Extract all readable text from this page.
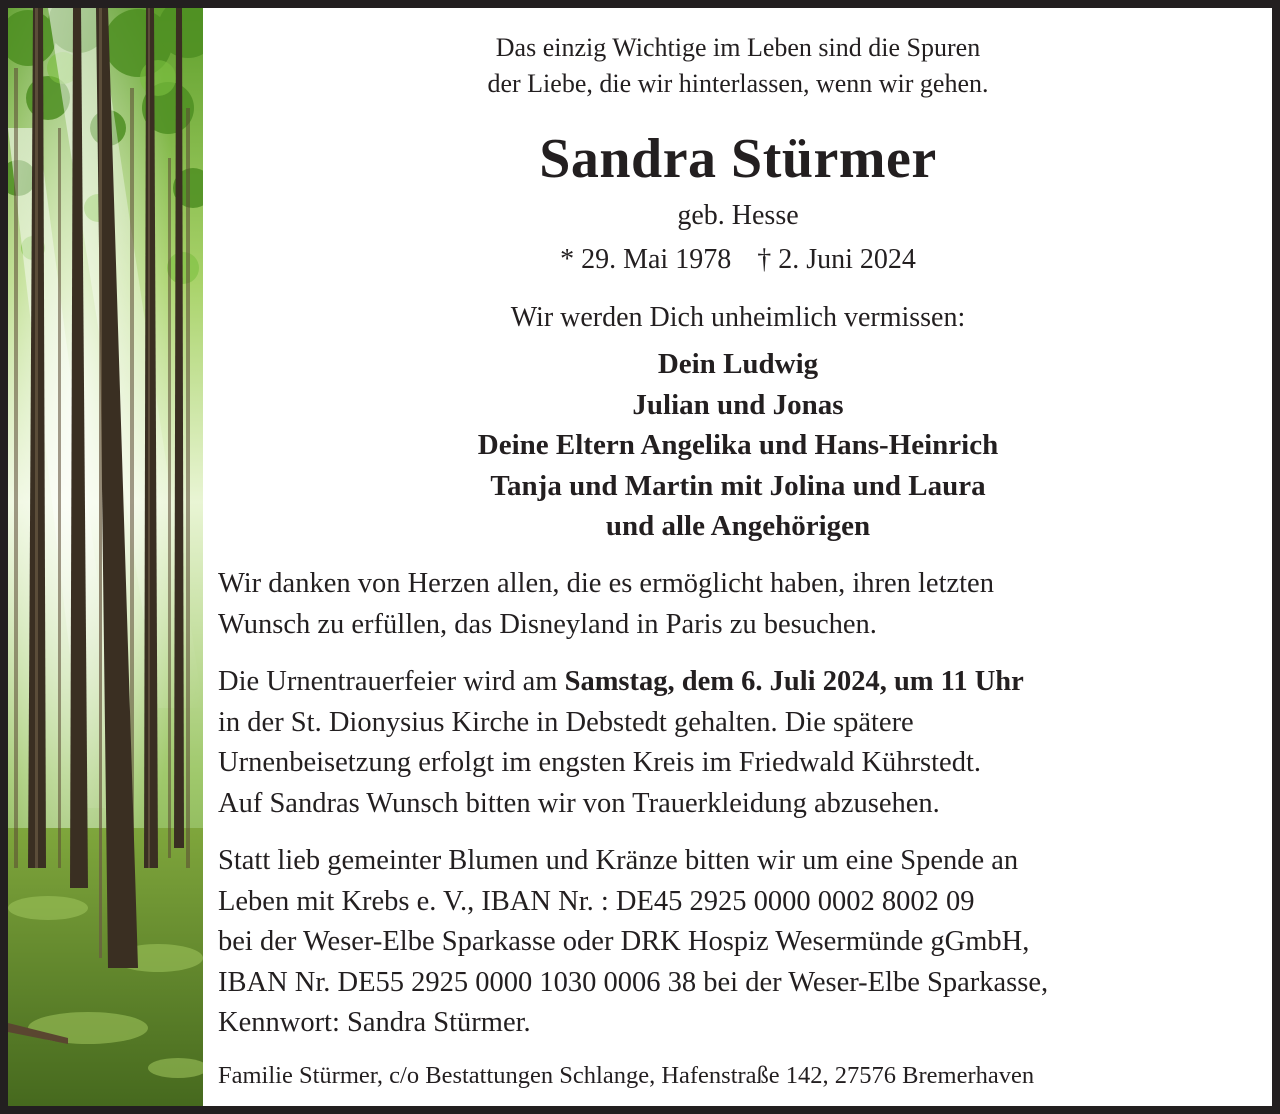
Das einzig Wichtige im Leben sind die Spuren
der Liebe, die wir hinterlassen, wenn wir gehen.
Sandra Stürmer
geb. Hesse
* 29. Mai 1978 † 2. Juni 2024
Wir werden Dich unheimlich vermissen:
Dein Ludwig
Julian und Jonas
Deine Eltern Angelika und Hans-Heinrich
Tanja und Martin mit Jolina und Laura
und alle Angehörigen
Wir danken von Herzen allen, die es ermöglicht haben, ihren letzten
Wunsch zu erfüllen, das Disneyland in Paris zu besuchen.
Die Urnentrauerfeier wird am Samstag, dem 6. Juli 2024, um 11 Uhr
in der St. Dionysius Kirche in Debstedt gehalten. Die spätere
Urnenbeisetzung erfolgt im engsten Kreis im Friedwald Kührstedt.
Auf Sandras Wunsch bitten wir von Trauerkleidung abzusehen.
Statt lieb gemeinter Blumen und Kränze bitten wir um eine Spende an
Leben mit Krebs e. V., IBAN Nr. : DE45 2925 0000 0002 8002 09
bei der Weser-Elbe Sparkasse oder DRK Hospiz Wesermünde gGmbH,
IBAN Nr. DE55 2925 0000 1030 0006 38 bei der Weser-Elbe Sparkasse,
Kennwort: Sandra Stürmer.
Familie Stürmer, c/o Bestattungen Schlange, Hafenstraße 142, 27576 Bremerhaven
